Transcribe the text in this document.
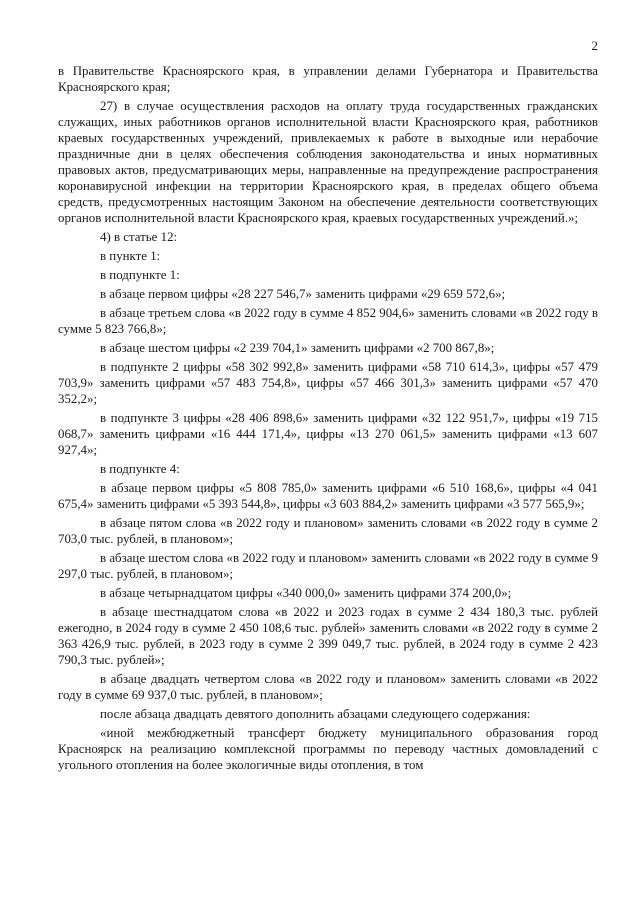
2

в Правительстве Красноярского края, в управлении делами Губернатора и Правительства Красноярского края;

27) в случае осуществления расходов на оплату труда государственных гражданских служащих, иных работников органов исполнительной власти Красноярского края, работников краевых государственных учреждений, привлекаемых к работе в выходные или нерабочие праздничные дни в целях обеспечения соблюдения законодательства и иных нормативных правовых актов, предусматривающих меры, направленные на предупреждение распространения коронавирусной инфекции на территории Красноярского края, в пределах общего объема средств, предусмотренных настоящим Законом на обеспечение деятельности соответствующих органов исполнительной власти Красноярского края, краевых государственных учреждений.»;

4) в статье 12:

в пункте 1:

в подпункте 1:

в абзаце первом цифры «28 227 546,7» заменить цифрами «29 659 572,6»;

в абзаце третьем слова «в 2022 году в сумме 4 852 904,6» заменить словами «в 2022 году в сумме 5 823 766,8»;

в абзаце шестом цифры «2 239 704,1» заменить цифрами «2 700 867,8»;

в подпункте 2 цифры «58 302 992,8» заменить цифрами «58 710 614,3», цифры «57 479 703,9» заменить цифрами «57 483 754,8», цифры «57 466 301,3» заменить цифрами «57 470 352,2»;

в подпункте 3 цифры «28 406 898,6» заменить цифрами «32 122 951,7», цифры «19 715 068,7» заменить цифрами «16 444 171,4», цифры «13 270 061,5» заменить цифрами «13 607 927,4»;

в подпункте 4:

в абзаце первом цифры «5 808 785,0» заменить цифрами «6 510 168,6», цифры «4 041 675,4» заменить цифрами «5 393 544,8», цифры «3 603 884,2» заменить цифрами «3 577 565,9»;

в абзаце пятом слова «в 2022 году и плановом» заменить словами «в 2022 году в сумме 2 703,0 тыс. рублей, в плановом»;

в абзаце шестом слова «в 2022 году и плановом» заменить словами «в 2022 году в сумме 9 297,0 тыс. рублей, в плановом»;

в абзаце четырнадцатом цифры «340 000,0» заменить цифрами 374 200,0»;

в абзаце шестнадцатом слова «в 2022 и 2023 годах в сумме 2 434 180,3 тыс. рублей ежегодно, в 2024 году в сумме 2 450 108,6 тыс. рублей» заменить словами «в 2022 году в сумме 2 363 426,9 тыс. рублей, в 2023 году в сумме 2 399 049,7 тыс. рублей, в 2024 году в сумме 2 423 790,3 тыс. рублей»;

в абзаце двадцать четвертом слова «в 2022 году и плановом» заменить словами «в 2022 году в сумме 69 937,0 тыс. рублей, в плановом»;

после абзаца двадцать девятого дополнить абзацами следующего содержания:

«иной межбюджетный трансферт бюджету муниципального образования город Красноярск на реализацию комплексной программы по переводу частных домовладений с угольного отопления на более экологичные виды отопления, в том
